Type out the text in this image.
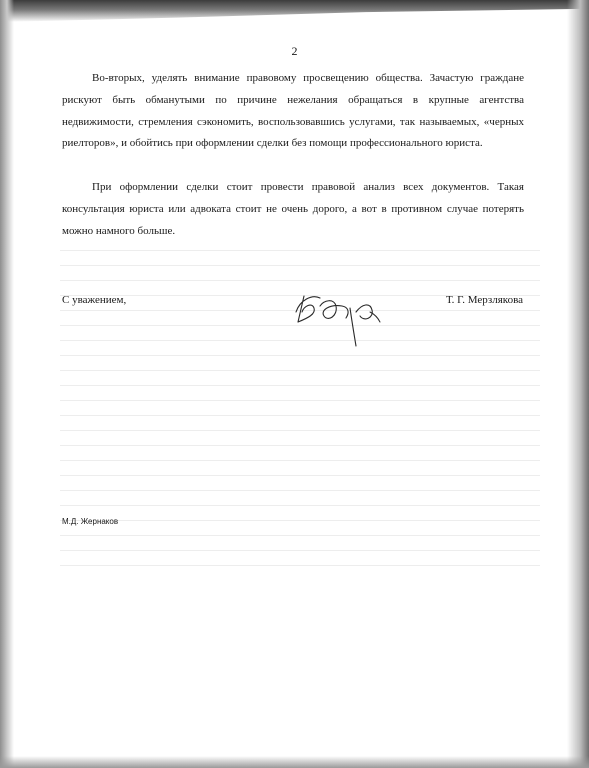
2

Во-вторых, уделять внимание правовому просвещению общества. Зачастую граждане рискуют быть обманутыми по причине нежелания обращаться в крупные агентства недвижимости, стремления сэкономить, воспользовавшись услугами, так называемых, «черных риелторов», и обойтись при оформлении сделки без помощи профессионального юриста.

При оформлении сделки стоит провести правовой анализ всех документов. Такая консультация юриста или адвоката стоит не очень дорого, а вот в противном случае потерять можно намного больше.

С уважением,	Т. Г. Мерзлякова
М.Д. Жернаков
